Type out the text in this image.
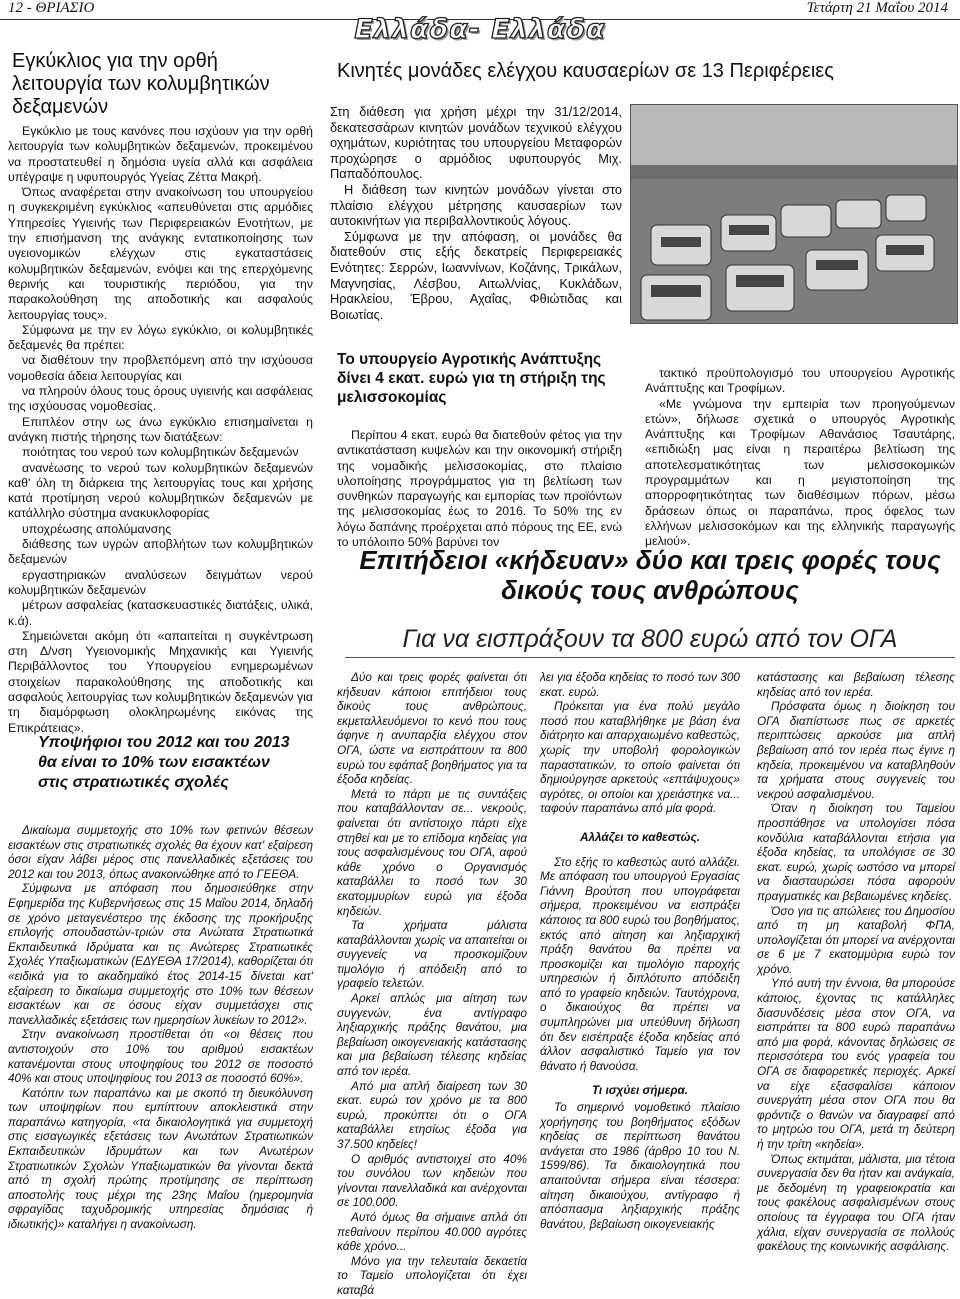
12 - ΘΡΙΑΣΙΟ	Τετάρτη 21 Μαΐου 2014
Ελλάδα- Ελλάδα
Εγκύκλιος για την ορθή λειτουργία των κολυμβητικών δεξαμενών

Εγκύκλιο με τους κανόνες που ισχύουν για την ορθή λειτουργία των κολυμβητικών δεξαμενών, προκειμένου να προστατευθεί η δημόσια υγεία αλλά και ασφάλεια υπέγραψε η υφυπουργός Υγείας Ζέττα Μακρή.

Όπως αναφέρεται στην ανακοίνωση του υπουργείου η συγκεκριμένη εγκύκλιος «απευθύνεται στις αρμόδιες Υπηρεσίες Υγιεινής των Περιφερειακών Ενοτήτων, με την επισήμανση της ανάγκης εντατικοποίησης των υγειονομικών ελέγχων στις εγκαταστάσεις κολυμβητικών δεξαμενών, ενόψει και της επερχόμενης θερινής και τουριστικής περιόδου, για την παρακολούθηση της αποδοτικής και ασφαλούς λειτουργίας τους».

Σύμφωνα με την εν λόγω εγκύκλιο, οι κολυμβητικές δεξαμενές θα πρέπει:

να διαθέτουν την προβλεπόμενη από την ισχύουσα νομοθεσία άδεια λειτουργίας και

να πληρούν όλους τους όρους υγιεινής και ασφάλειας της ισχύουσας νομοθεσίας.

Επιπλέον στην ως άνω εγκύκλιο επισημαίνεται η ανάγκη πιστής τήρησης των διατάξεων:

ποιότητας του νερού των κολυμβητικών δεξαμενών

ανανέωσης το νερού των κολυμβητικών δεξαμενών καθ' όλη τη διάρκεια της λειτουργίας τους και χρήσης κατά προτίμηση νερού κολυμβητικών δεξαμενών με κατάλληλο σύστημα ανακυκλοφορίας

υποχρέωσης απολύμανσης

διάθεσης των υγρών αποβλήτων των κολυμβητικών δεξαμενών

εργαστηριακών αναλύσεων δειγμάτων νερού κολυμβητικών δεξαμενών

μέτρων ασφαλείας (κατασκευαστικές διατάξεις, υλικά, κ.ά).

Σημειώνεται ακόμη ότι «απαιτείται η συγκέντρωση στη Δ/νση Υγειονομικής Μηχανικής και Υγιεινής Περιβάλλοντος του Υπουργείου ενημερωμένων στοιχείων παρακολούθησης της αποδοτικής και ασφαλούς λειτουργίας των κολυμβητικών δεξαμενών για τη διαμόρφωση ολοκληρωμένης εικόνας της Επικράτειας».

Υποψήφιοι του 2012 και του 2013 θα είναι το 10% των εισακτέων στις στρατιωτικές σχολές

Δικαίωμα συμμετοχής στο 10% των φετινών θέσεων εισακτέων στις στρατιωτικές σχολές θα έχουν κατ' εξαίρεση όσοι είχαν λάβει μέρος στις πανελλαδικές εξετάσεις του 2012 και του 2013, όπως ανακοινώθηκε από το ΓΕΕΘΑ.

Σύμφωνα με απόφαση που δημοσιεύθηκε στην Εφημερίδα της Κυβερνήσεως στις 15 Μαΐου 2014, δηλαδή σε χρόνο μεταγενέστερο της έκδοσης της προκήρυξης επιλογής σπουδαστών-τριών στα Ανώτατα Στρατιωτικά Εκπαιδευτικά Ιδρύματα και τις Ανώτερες Στρατιωτικές Σχολές Υπαξιωματικών (ΕΔΥΕΘΑ 17/2014), καθορίζεται ότι «ειδικά για το ακαδημαϊκό έτος 2014-15 δίνεται κατ' εξαίρεση το δικαίωμα συμμετοχής στο 10% των θέσεων εισακτέων και σε όσους είχαν συμμετάσχει στις πανελλαδικές εξετάσεις των ημερησίων λυκείων το 2012».

Στην ανακοίνωση προστίθεται ότι «οι θέσεις που αντιστοιχούν στο 10% του αριθμού εισακτέων κατανέμονται στους υποψηφίους του 2012 σε ποσοστό 40% και στους υποψηφίους του 2013 σε ποσοστό 60%».

Κατόπιν των παραπάνω και με σκοπό τη διευκόλυνση των υποψηφίων που εμπίπτουν αποκλειστικά στην παραπάνω κατηγορία, «τα δικαιολογητικά για συμμετοχή στις εισαγωγικές εξετάσεις των Ανωτάτων Στρατιωτικών Εκπαιδευτικών Ιδρυμάτων και των Ανωτέρων Στρατιωτικών Σχολών Υπαξιωματικών θα γίνονται δεκτά από τη σχολή πρώτης προτίμησης σε περίπτωση αποστολής τους μέχρι της 23ης Μαΐου (ημερομηνία σφραγίδας ταχυδρομικής υπηρεσίας δημόσιας ή ιδιωτικής)» καταλήγει η ανακοίνωση.

Κινητές μονάδες ελέγχου καυσαερίων σε 13 Περιφέρειες

Στη διάθεση για χρήση μέχρι την 31/12/2014, δεκατεσσάρων κινητών μονάδων τεχνικού ελέγχου οχημάτων, κυριότητας του υπουργείου Μεταφορών προχώρησε ο αρμόδιος υφυπουργός Μιχ. Παπαδόπουλος.

Η διάθεση των κινητών μονάδων γίνεται στο πλαίσιο ελέγχου μέτρησης καυσαερίων των αυτοκινήτων για περιβαλλοντικούς λόγους.

Σύμφωνα με την απόφαση, οι μονάδες θα διατεθούν στις εξής δεκατρείς Περιφερειακές Ενότητες: Σερρών, Ιωαννίνων, Κοζάνης, Τρικάλων, Μαγνησίας, Λέσβου, Αιτωλ/νίας, Κυκλάδων, Ηρακλείου, Έβρου, Αχαΐας, Φθιώτιδας και Βοιωτίας.

Το υπουργείο Αγροτικής Ανάπτυξης δίνει 4 εκατ. ευρώ για τη στήριξη της μελισσοκομίας

Περίπου 4 εκατ. ευρώ θα διατεθούν φέτος για την αντικατάσταση κυψελών και την οικονομική στήριξη της νομαδικής μελισσοκομίας, στο πλαίσιο υλοποίησης προγράμματος για τη βελτίωση των συνθηκών παραγωγής και εμπορίας των προϊόντων της μελισσοκομίας έως το 2016. Το 50% της εν λόγω δαπάνης προέρχεται από πόρους της ΕΕ, ενώ το υπόλοιπο 50% βαρύνει τον

τακτικό προϋπολογισμό του υπουργείου Αγροτικής Ανάπτυξης και Τροφίμων.

«Με γνώμονα την εμπειρία των προηγούμενων ετών», δήλωσε σχετικά ο υπουργός Αγροτικής Ανάπτυξης και Τροφίμων Αθανάσιος Τσαυτάρης, «επιδιώξη μας είναι η περαιτέρω βελτίωση της αποτελεσματικότητας των μελισσοκομικών προγραμμάτων και η μεγιστοποίηση της απορροφητικότητας των διαθέσιμων πόρων, μέσω δράσεων όπως οι παραπάνω, προς όφελος των ελλήνων μελισσοκόμων και της ελληνικής παραγωγής μελιού».

Επιτήδειοι «κήδευαν» δύο και τρεις φορές τους δικούς τους ανθρώπους
Για να εισπράξουν τα 800 ευρώ από τον ΟΓΑ

Δύο και τρεις φορές φαίνεται ότι κήδευαν κάποιοι επιτήδειοι τους δικούς τους ανθρώπους, εκμεταλλευόμενοι το κενό που τους άφηνε η ανυπαρξία ελέγχου στον ΟΓΑ, ώστε να εισπράττουν τα 800 ευρώ του εφάπαξ βοηθήματος για τα έξοδα κηδείας.

Μετά το πάρτι με τις συντάξεις που καταβάλλονταν σε... νεκρούς, φαίνεται ότι αντίστοιχο πάρτι είχε στηθεί και με το επίδομα κηδείας για τους ασφαλισμένους του ΟΓΑ, αφού κάθε χρόνο ο Οργανισμός καταβάλλει το ποσό των 30 εκατομμυρίων ευρώ για έξοδα κηδειών.

Τα χρήματα μάλιστα καταβάλλονται χωρίς να απαιτείται οι συγγενείς να προσκομίζουν τιμολόγιο ή απόδειξη από το γραφείο τελετών.

Αρκεί απλώς μια αίτηση των συγγενών, ένα αντίγραφο ληξιαρχικής πράξης θανάτου, μια βεβαίωση οικογενειακής κατάστασης και μια βεβαίωση τέλεσης κηδείας από τον ιερέα.

Από μια απλή διαίρεση των 30 εκατ. ευρώ τον χρόνο με τα 800 ευρώ, προκύπτει ότι ο ΟΓΑ καταβάλλει ετησίως έξοδα για 37.500 κηδείες!

Ο αριθμός αντιστοιχεί στο 40% του συνόλου των κηδειών που γίνονται πανελλαδικά και ανέρχονται σε 100.000.

Αυτό όμως θα σήμαινε απλά ότι πεθαίνουν περίπου 40.000 αγρότες κάθε χρόνο...

Μόνο για την τελευταία δεκαετία το Ταμείο υπολογίζεται ότι έχει καταβά

λει για έξοδα κηδείας το ποσό των 300 εκατ. ευρώ.

Πρόκειται για ένα πολύ μεγάλο ποσό που καταβλήθηκε με βάση ένα διάτρητο και απαρχαιωμένο καθεστώς, χωρίς την υποβολή φορολογικών παραστατικών, το οποίο φαίνεται ότι δημιούργησε αρκετούς «επτάψυχους» αγρότες, οι οποίοι και χρειάστηκε να... ταφούν παραπάνω από μία φορά.

Αλλάζει το καθεστώς.

Στο εξής το καθεστώς αυτό αλλάζει. Με απόφαση του υπουργού Εργασίας Γιάννη Βρούτση που υπογράφεται σήμερα, προκειμένου να εισπράξει κάποιος τα 800 ευρώ του βοηθήματος, εκτός από αίτηση και ληξιαρχική πράξη θανάτου θα πρέπει να προσκομίζει και τιμολόγιο παροχής υπηρεσιών ή διπλότυπο απόδειξη από το γραφείο κηδειών. Ταυτόχρονα, ο δικαιούχος θα πρέπει να συμπληρώνει μια υπεύθυνη δήλωση ότι δεν εισέπραξε έξοδα κηδείας από άλλον ασφαλιστικό Ταμείο για τον θάνατο ή θανούσα.

Τι ισχύει σήμερα.

Το σημερινό νομοθετικό πλαίσιο χορήγησης του βοηθήματος εξόδων κηδείας σε περίπτωση θανάτου ανάγεται στο 1986 (άρθρο 10 του Ν. 1599/86). Τα δικαιολογητικά που απαιτούνται σήμερα είναι τέσσερα: αίτηση δικαιούχου, αντίγραφο ή απόσπασμα ληξιαρχικής πράξης θανάτου, βεβαίωση οικογενειακής

κατάστασης και βεβαίωση τέλεσης κηδείας από τον ιερέα.

Πρόσφατα όμως η διοίκηση του ΟΓΑ διαπίστωσε πως σε αρκετές περιπτώσεις αρκούσε μια απλή βεβαίωση από τον ιερέα πως έγινε η κηδεία, προκειμένου να καταβληθούν τα χρήματα στους συγγενείς του νεκρού ασφαλισμένου.

Όταν η διοίκηση του Ταμείου προσπάθησε να υπολογίσει πόσα κονδύλια καταβάλλονται ετήσια για έξοδα κηδείας, τα υπολόγισε σε 30 εκατ. ευρώ, χωρίς ωστόσο να μπορεί να διασταυρώσει πόσα αφορούν πραγματικές και βεβαιωμένες κηδείες.

Όσο για τις απώλειες του Δημοσίου από τη μη καταβολή ΦΠΑ, υπολογίζεται ότι μπορεί να ανέρχονται σε 6 με 7 εκατομμύρια ευρώ τον χρόνο.

Υπό αυτή την έννοια, θα μπορούσε κάποιος, έχοντας τις κατάλληλες διασυνδέσεις μέσα στον ΟΓΑ, να εισπράττει τα 800 ευρώ παραπάνω από μια φορά, κάνοντας δηλώσεις σε περισσότερα του ενός γραφεία του ΟΓΑ σε διαφορετικές περιοχές. Αρκεί να είχε εξασφαλίσει κάποιον συνεργάτη μέσα στον ΟΓΑ που θα φρόντιζε ο θανών να διαγραφεί από το μητρώο του ΟΓΑ, μετά τη δεύτερη ή την τρίτη «κηδεία».

Όπως εκτιμάται, μάλιστα, μια τέτοια συνεργασία δεν θα ήταν και ανάγκαία, με δεδομένη τη γραφειοκρατία και τους φακέλους ασφαλισμένων στους οποίους τα έγγραφα του ΟΓΑ ήταν χάλια, είχαν συνεργασία σε πολλούς φακέλους της κοινωνικής ασφάλισης.
